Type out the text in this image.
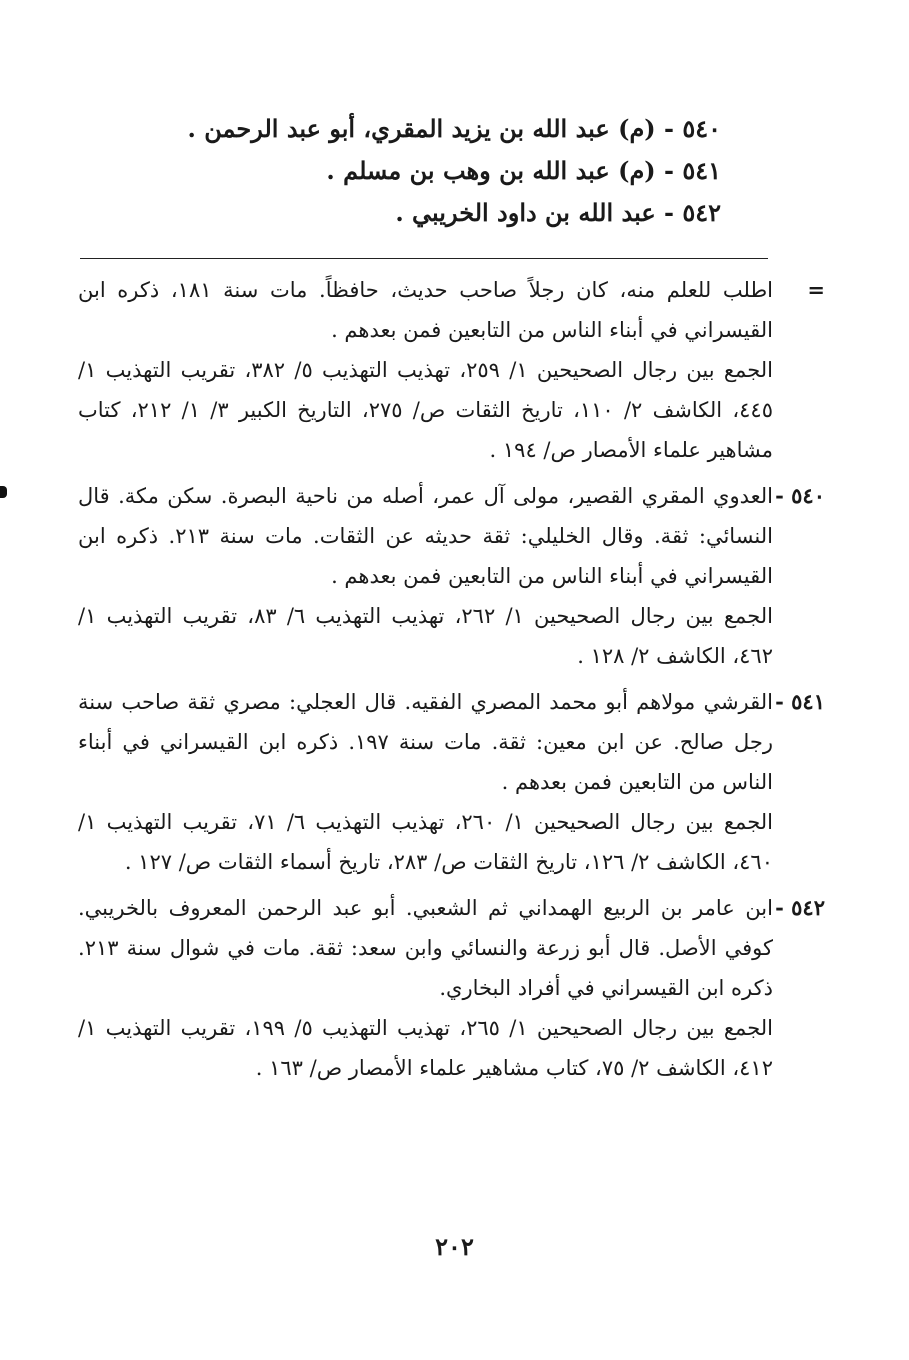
٥٤٠ - (م) عبد الله بن يزيد المقري، أبو عبد الرحمن .
٥٤١ - (م) عبد الله بن وهب بن مسلم .
٥٤٢ - عبد الله بن داود الخريبي .
=

اطلب للعلم منه، كان رجلاً صاحب حديث، حافظاً. مات سنة ١٨١، ذكره ابن القيسراني في أبناء الناس من التابعين فمن بعدهم .

الجمع بين رجال الصحيحين ١/ ٢٥٩، تهذيب التهذيب ٥/ ٣٨٢، تقريب التهذيب ١/ ٤٤٥، الكاشف ٢/ ١١٠، تاريخ الثقات ص/ ٢٧٥، التاريخ الكبير ٣/ ١/ ٢١٢، كتاب مشاهير علماء الأمصار ص/ ١٩٤ .

٥٤٠ -

العدوي المقري القصير، مولى آل عمر، أصله من ناحية البصرة. سكن مكة. قال النسائي: ثقة. وقال الخليلي: ثقة حديثه عن الثقات. مات سنة ٢١٣. ذكره ابن القيسراني في أبناء الناس من التابعين فمن بعدهم .

الجمع بين رجال الصحيحين ١/ ٢٦٢، تهذيب التهذيب ٦/ ٨٣، تقريب التهذيب ١/ ٤٦٢، الكاشف ٢/ ١٢٨ .

٥٤١ -

القرشي مولاهم أبو محمد المصري الفقيه. قال العجلي: مصري ثقة صاحب سنة رجل صالح. عن ابن معين: ثقة. مات سنة ١٩٧. ذكره ابن القيسراني في أبناء الناس من التابعين فمن بعدهم .

الجمع بين رجال الصحيحين ١/ ٢٦٠، تهذيب التهذيب ٦/ ٧١، تقريب التهذيب ١/ ٤٦٠، الكاشف ٢/ ١٢٦، تاريخ الثقات ص/ ٢٨٣، تاريخ أسماء الثقات ص/ ١٢٧ .

٥٤٢ -

ابن عامر بن الربيع الهمداني ثم الشعبي. أبو عبد الرحمن المعروف بالخريبي. كوفي الأصل. قال أبو زرعة والنسائي وابن سعد: ثقة. مات في شوال سنة ٢١٣. ذكره ابن القيسراني في أفراد البخاري.

الجمع بين رجال الصحيحين ١/ ٢٦٥، تهذيب التهذيب ٥/ ١٩٩، تقريب التهذيب ١/ ٤١٢، الكاشف ٢/ ٧٥، كتاب مشاهير علماء الأمصار ص/ ١٦٣ .

٢٠٢
